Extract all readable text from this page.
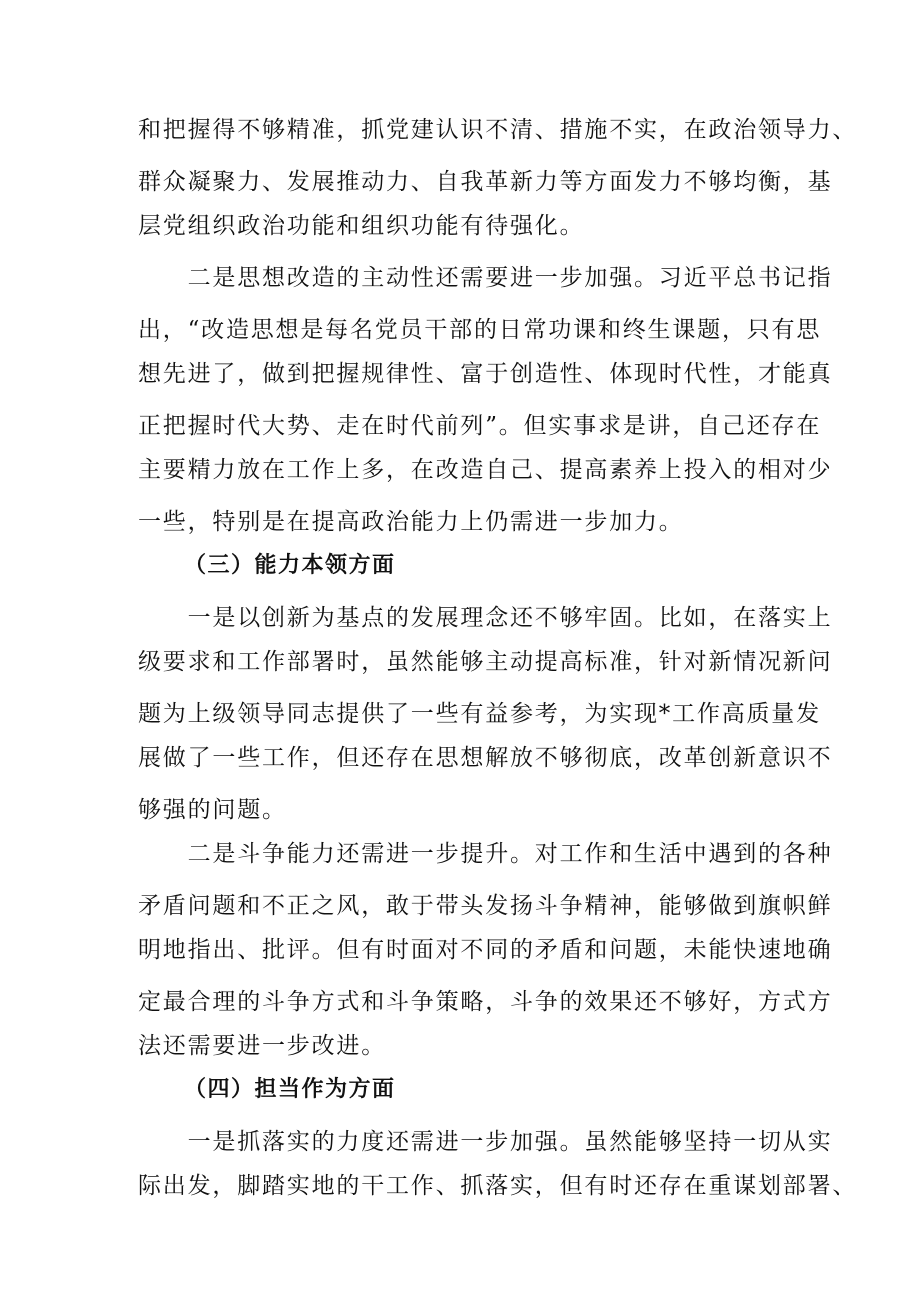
和把握得不够精准，抓党建认识不清、措施不实，在政治领导力、
群众凝聚力、发展推动力、自我革新力等方面发力不够均衡，基
层党组织政治功能和组织功能有待强化。
　　二是思想改造的主动性还需要进一步加强。习近平总书记指
出，“改造思想是每名党员干部的日常功课和终生课题，只有思
想先进了，做到把握规律性、富于创造性、体现时代性，才能真
正把握时代大势、走在时代前列”。但实事求是讲，自己还存在
主要精力放在工作上多，在改造自己、提高素养上投入的相对少
一些，特别是在提高政治能力上仍需进一步加力。
（三）能力本领方面
　　一是以创新为基点的发展理念还不够牢固。比如，在落实上
级要求和工作部署时，虽然能够主动提高标准，针对新情况新问
题为上级领导同志提供了一些有益参考，为实现*工作高质量发
展做了一些工作，但还存在思想解放不够彻底，改革创新意识不
够强的问题。
　　二是斗争能力还需进一步提升。对工作和生活中遇到的各种
矛盾问题和不正之风，敢于带头发扬斗争精神，能够做到旗帜鲜
明地指出、批评。但有时面对不同的矛盾和问题，未能快速地确
定最合理的斗争方式和斗争策略，斗争的效果还不够好，方式方
法还需要进一步改进。
（四）担当作为方面
　　一是抓落实的力度还需进一步加强。虽然能够坚持一切从实
际出发，脚踏实地的干工作、抓落实，但有时还存在重谋划部署、
